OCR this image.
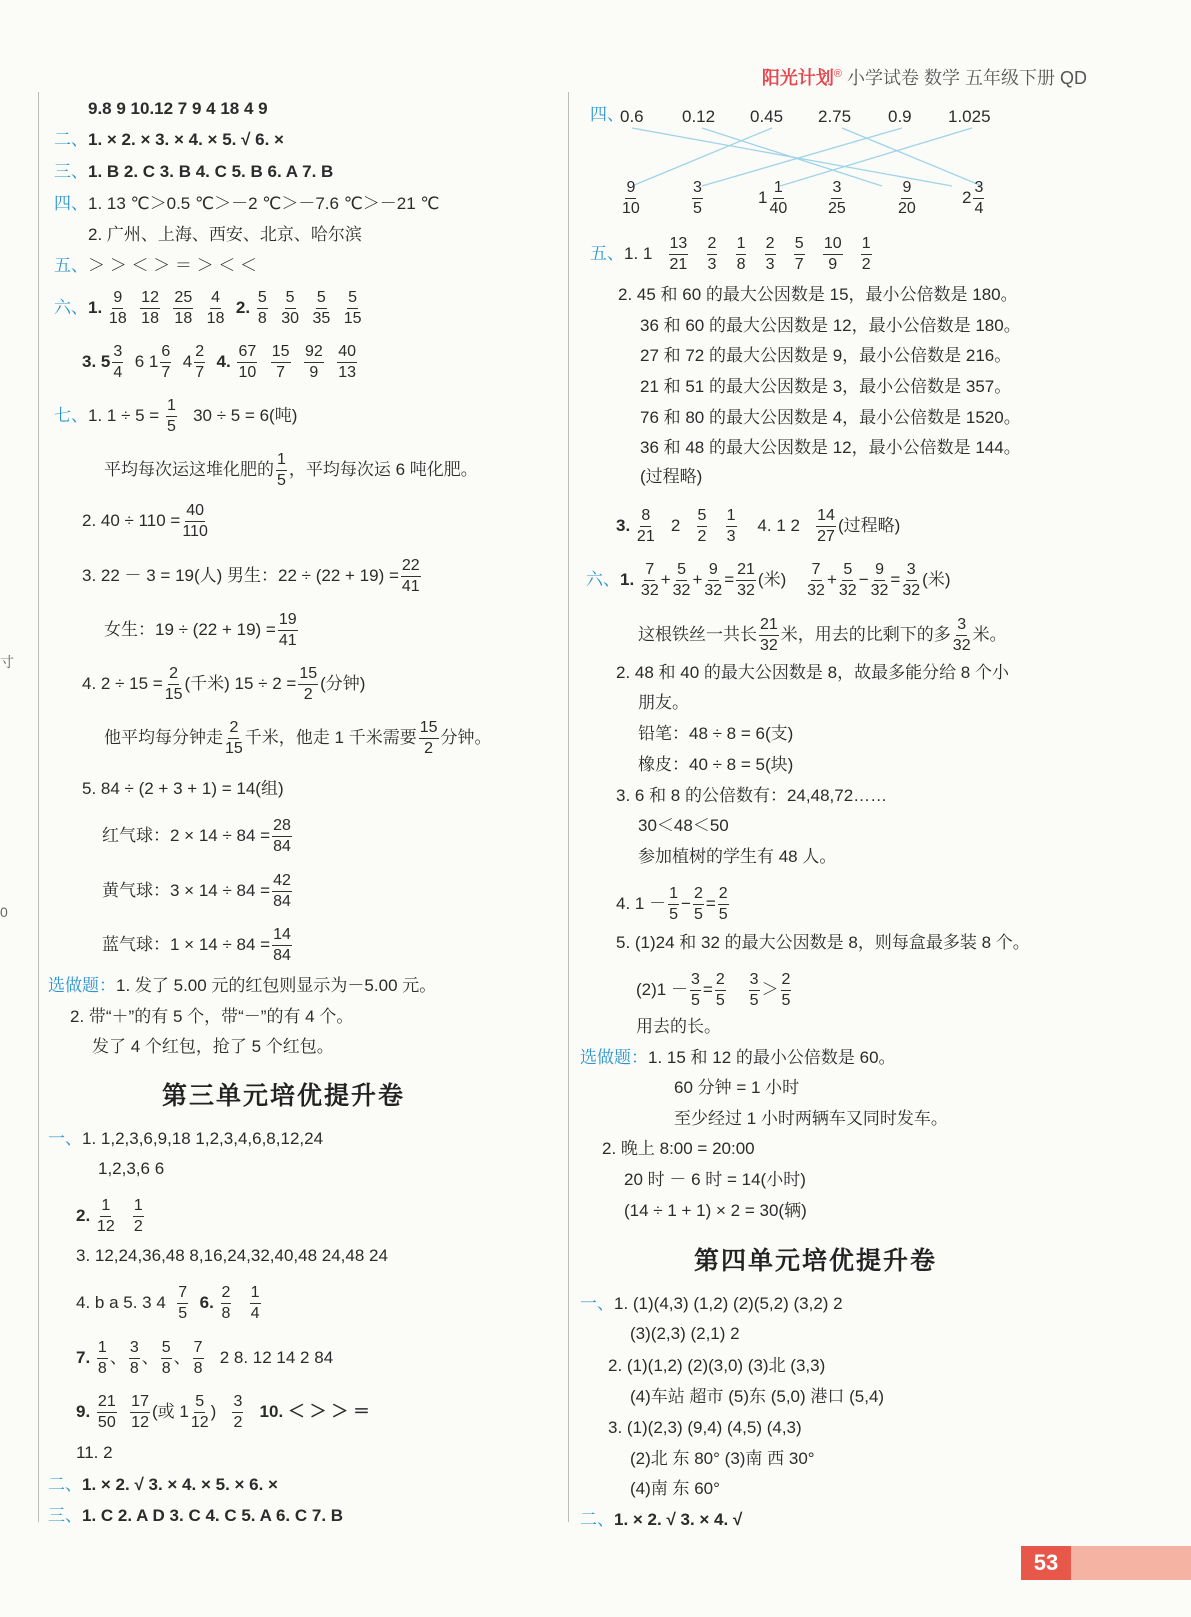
阳光计划® 小学试卷 数学 五年级下册 QD
寸
0
9.8 9 10.12 7 9 4 18 4 9
二、1. × 2. × 3. × 4. × 5. √ 6. ×
三、1. B 2. C 3. B 4. C 5. B 6. A 7. B
四、1. 13 ℃＞0.5 ℃＞－2 ℃＞－7.6 ℃＞－21 ℃
2. 广州、上海、西安、北京、哈尔滨
五、＞ ＞ ＜ ＞ ＝ ＞ ＜ ＜
六、1. $\frac{9}{18}$
$\frac{12}{18}$
$\frac{25}{18}$
$\frac{4}{18} 2$. $\frac{5}{8}$
$\frac{5}{30}$
$\frac{5}{35}$
$\frac{5}{15}$
3. $5 \frac{3}{4} 6$ $1 \frac{6}{7} 4 \frac{2}{7} 4$. $\frac{67}{10}$
$\frac{15}{7}$
$\frac{92}{9}$
$\frac{40}{13}$
七、1. $1 \div 5 = \frac{1}{5} 30 \div 5 = 6$(吨)
平均每次运这堆化肥的 $\frac{1}{5}$ ，平均每次运 6 吨化肥。
2. $40 \div 110 = \frac{40}{110}$
3. 22 － 3 = 19(人) 男生：$22 \div (22 + 19) = \frac{22}{41}$
女生：$19 \div (22 + 19) = \frac{19}{41}$
4. $2 \div 15 = \frac{2}{15}$ (千米) $15 \div 2 = \frac{15}{2}$ (分钟)
他平均每分钟走 $\frac{2}{15}$ 千米，他走 1 千米需要 $\frac{15}{2}$ 分钟。
5. 84 ÷ (2 + 3 + 1) = 14(组)
红气球：$2 \times 14 \div 84 = \frac{28}{84}$
黄气球：$3 \times 14 \div 84 = \frac{42}{84}$
蓝气球：$1 \times 14 \div 84 = \frac{14}{84}$
选做题：1. 发了 5.00 元的红包则显示为－5.00 元。
2. 带“＋”的有 5 个，带“－”的有 4 个。
发了 4 个红包，抢了 5 个红包。
第三单元培优提升卷
一、1. 1,2,3,6,9,18 1,2,3,4,6,8,12,24
1,2,3,6 6
2. $\frac{1}{12}$
$\frac{1}{2}$
3. 12,24,36,48 8,16,24,32,40,48 24,48 24
4. b a 5. 3 $4 \frac{7}{5} 6$. $\frac{2}{8}$
$\frac{1}{4}$
7. $\frac{1}{8}$ 、 $\frac{3}{8}$ 、 $\frac{5}{8}$ 、 $\frac{7}{8} 2$ 8. 12 14 2 84
9. $\frac{21}{50}$
$\frac{17}{12}$ (或 $1 \frac{5}{12}$ ) $\frac{3}{2} 10$. ＜ ＞ ＞ ＝
11. 2
二、1. × 2. √ 3. × 4. × 5. × 6. ×
三、1. C 2. A D 3. C 4. C 5. A 6. C 7. B
四、
0.6 0.12 0.45 2.75 0.9 1.025
$\frac{9}{10}$	$\frac{3}{5}$	$1 \frac{1}{40}$	$\frac{3}{25}$	$\frac{9}{20}$	$2 \frac{3}{4}$
五、1. $1 \frac{13}{21}$
$\frac{2}{3}$
$\frac{1}{8}$
$\frac{2}{3}$
$\frac{5}{7}$
$\frac{10}{9}$
$\frac{1}{2}$
2. 45 和 60 的最大公因数是 15，最小公倍数是 180。
36 和 60 的最大公因数是 12，最小公倍数是 180。
27 和 72 的最大公因数是 9，最小公倍数是 216。
21 和 51 的最大公因数是 3，最小公倍数是 357。
76 和 80 的最大公因数是 4，最小公倍数是 1520。
36 和 48 的最大公因数是 12，最小公倍数是 144。
(过程略)
3. $\frac{8}{21} 2 \frac{5}{2}$
$\frac{1}{3} 4$. 1 $2 \frac{14}{27}$ (过程略)
六、1. $\frac{7}{32} + \frac{5}{32} + \frac{9}{32} = \frac{21}{32}$ (米) $\frac{7}{32} + \frac{5}{32} - \frac{9}{32} = \frac{3}{32}$ (米)
这根铁丝一共长 $\frac{21}{32}$ 米，用去的比剩下的多 $\frac{3}{32}$ 米。
2. 48 和 40 的最大公因数是 8，故最多能分给 8 个小
朋友。
铅笔：48 ÷ 8 = 6(支)
橡皮：40 ÷ 8 = 5(块)
3. 6 和 8 的公倍数有：24,48,72……
30＜48＜50
参加植树的学生有 48 人。
4. $1 - \frac{1}{5} - \frac{2}{5} = \frac{2}{5}$
5. (1)24 和 32 的最大公因数是 8，则每盒最多装 8 个。
$(2)1 - \frac{3}{5} = \frac{2}{5}$
$\frac{3}{5} > \frac{2}{5}$
用去的长。
选做题：1. 15 和 12 的最小公倍数是 60。
60 分钟 = 1 小时
至少经过 1 小时两辆车又同时发车。
2. 晚上 8:00 = 20:00
20 时 － 6 时 = 14(小时)
(14 ÷ 1 + 1) × 2 = 30(辆)
第四单元培优提升卷
一、1. (1)(4,3) (1,2) (2)(5,2) (3,2) 2
(3)(2,3) (2,1) 2
2. (1)(1,2) (2)(3,0) (3)北 (3,3)
(4)车站 超市 (5)东 (5,0) 港口 (5,4)
3. (1)(2,3) (9,4) (4,5) (4,3)
(2)北 东 80° (3)南 西 30°
(4)南 东 60°
二、1. × 2. √ 3. × 4. √
53
